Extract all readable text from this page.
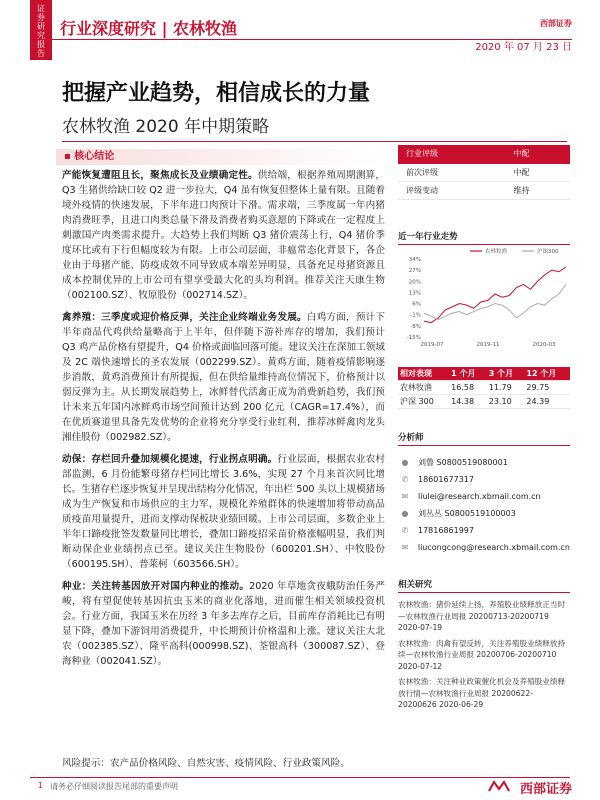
证券研究报告
行业深度研究 | 农林牧渔	西部证券
2020 年 07 月 23 日
把握产业趋势，相信成长的力量
农林牧渔 2020 年中期策略
▪ 核心结论

产能恢复遭阻且长，聚焦成长及业绩确定性。供给端，根据养殖周期测算，Q3 生猪供给缺口较 Q2 进一步拉大，Q4 虽有恢复但整体上量有限。且随着境外疫情的快速发展，下半年进口肉预计下滑。需求端，三季度属一年内猪肉消费旺季，且进口肉类总量下滑及消费者购买意愿的下降或在一定程度上刺激国产肉类需求提升。大趋势上我们判断 Q3 猪价震荡上行，Q4 猪价季度环比或有下行但幅度较为有限。上市公司层面，非瘟常态化背景下，各企业由于母猪产能、防疫成效不同导致成本端差异明显，具备充足母猪资源且成本控制优异的上市公司有望享受最大化的头均利润。推荐关注天康生物（002100.SZ）、牧原股份（002714.SZ）。

禽养殖：三季度或迎价格反弹，关注企业终端业务发展。白鸡方面，预计下半年商品代鸡供给量略高于上半年，但伴随下游补库存的增加，我们预计 Q3 鸡产品价格有望提升，Q4 价格或面临回落可能。建议关注在深加工领域及 2C 端快速增长的圣农发展（002299.SZ）。黄鸡方面，随着疫情影响逐步消散，黄鸡消费预计有所提振，但在供给量维持高位情况下，价格预计以弱反弹为主。从长期发展趋势上，冰鲜替代活禽正成为消费新趋势，我们预计未来五年国内冰鲜鸡市场空间预计达到 200 亿元（CAGR=17.4%），而在优质赛道里具备先发优势的企业将充分享受行业红利，推荐冰鲜禽肉龙头湘佳股份（002982.SZ）。

动保：存栏回升叠加规模化提速，行业拐点明确。行业层面，根据农业农村部监测，6 月份能繁母猪存栏同比增长 3.6%，实现 27 个月来首次同比增长。生猪存栏逐步恢复并呈现出结构分化情况，年出栏 500 头以上规模猪场成为生产恢复和市场供应的主力军，规模化养殖群体的快速增加将带动高品质疫苗用量提升，进而支撑动保板块业绩回暖。上市公司层面，多数企业上半年口蹄疫批签发数量同比增长，叠加口蹄疫招采苗价格涨幅明显，我们判断动保企业业绩拐点已至。建议关注生物股份（600201.SH）、中牧股份（600195.SH）、普莱柯（603566.SH）。

种业：关注转基因放开对国内种业的推动。2020 年草地贪夜蛾防治任务严峻，将有望促使转基因抗虫玉米的商业化落地，进而催生相关领域投资机会。行业方面，我国玉米在历经 3 年多去库存之后，目前库存消耗比已有明显下降，叠加下游饲用消费提升，中长期预计价格温和上涨。建议关注大北农（002385.SZ）、隆平高科(000998.SZ)、荃银高科（300087.SZ）、登海种业（002041.SZ）。

风险提示：农产品价格风险、自然灾害、疫情风险、行业政策风险。
行业评级	中配
前次评级	中配
评级变动	维持
近一年行业走势
34%
27%
20%
13%
6%
-1%
-8%
-15%
2019-07	2019-11	2020-03
农林牧渔	沪深300
相对表现	1 个月	3 个月	12 个月
农林牧渔	16.58	11.79	29.75
沪深 300	14.38	23.10	24.39
分析师
●	刘鲁 S0800519080001
✆	18601677317
✉	liulei@research.xbmail.com.cn
●	刘丛丛 S0800519100003
✆	17816861997
✉	liucongcong@research.xbmail.com.cn
相关研究

农林牧渔：猪价延续上扬，养殖股业绩释放正当时—农林牧渔行业周报 20200713-20200719 2020-07-19

农林牧渔：肉禽有望反转，关注养殖股业绩释放持续—农林牧渔行业周报 20200706-20200710 2020-07-12

农林牧渔：关注种业政策催化机会及养殖股业绩释放行情—农林牧渔行业周报 20200622-20200626 2020-06-29

1 请务必仔细阅读报告尾部的重要声明	西部证券
